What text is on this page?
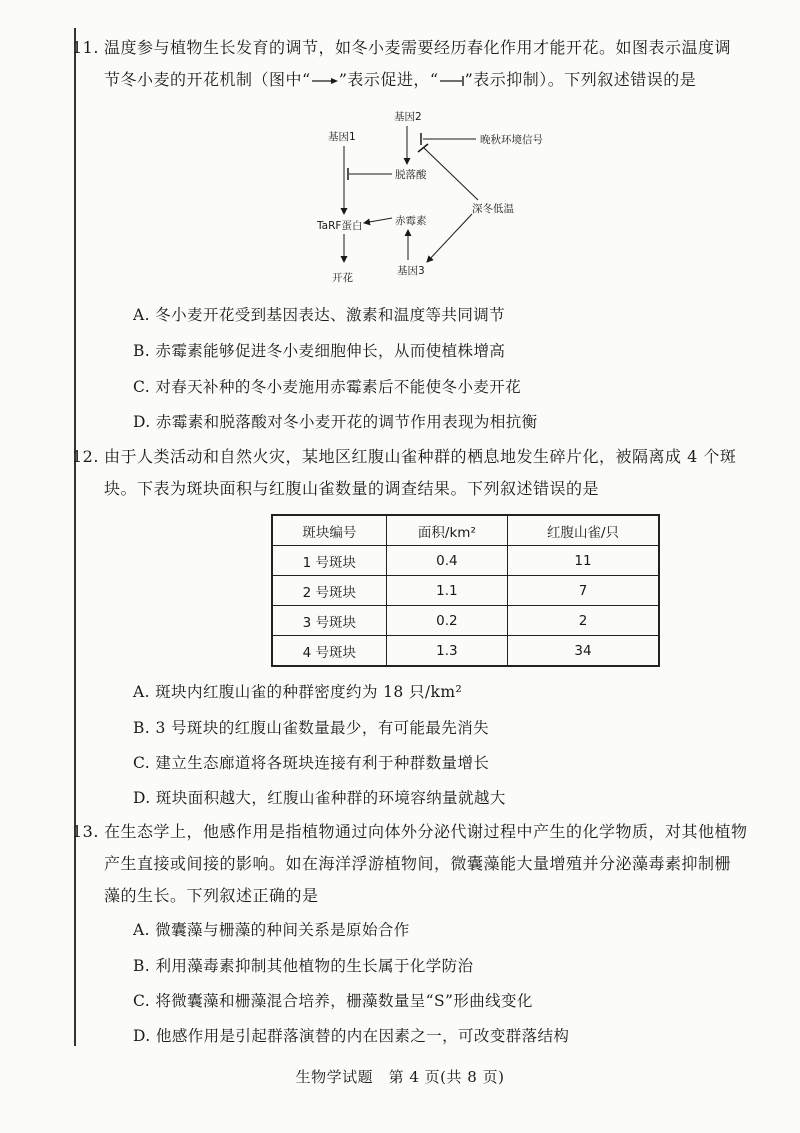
11. 温度参与植物生长发育的调节，如冬小麦需要经历春化作用才能开花。如图表示温度调
节冬小麦的开花机制（图中“ ”表示促进，“ ”表示抑制）。下列叙述错误的是
基因2
基因1	晚秋环境信号
脱落酸
深冬低温
赤霉素
TaRF蛋白
基因3
开花
A. 冬小麦开花受到基因表达、激素和温度等共同调节
B. 赤霉素能够促进冬小麦细胞伸长，从而使植株增高
C. 对春天补种的冬小麦施用赤霉素后不能使冬小麦开花
D. 赤霉素和脱落酸对冬小麦开花的调节作用表现为相抗衡
12. 由于人类活动和自然火灾，某地区红腹山雀种群的栖息地发生碎片化，被隔离成 4 个斑
块。下表为斑块面积与红腹山雀数量的调查结果。下列叙述错误的是
斑块编号	面积/km²	红腹山雀/只
1 号斑块	0.4	11
2 号斑块	1.1	7
3 号斑块	0.2	2
4 号斑块	1.3	34
A. 斑块内红腹山雀的种群密度约为 18 只/km²
B. 3 号斑块的红腹山雀数量最少，有可能最先消失
C. 建立生态廊道将各斑块连接有利于种群数量增长
D. 斑块面积越大，红腹山雀种群的环境容纳量就越大
13. 在生态学上，他感作用是指植物通过向体外分泌代谢过程中产生的化学物质，对其他植物
产生直接或间接的影响。如在海洋浮游植物间，微囊藻能大量增殖并分泌藻毒素抑制栅
藻的生长。下列叙述正确的是
A. 微囊藻与栅藻的种间关系是原始合作
B. 利用藻毒素抑制其他植物的生长属于化学防治
C. 将微囊藻和栅藻混合培养，栅藻数量呈“S”形曲线变化
D. 他感作用是引起群落演替的内在因素之一，可改变群落结构
生物学试题　第 4 页(共 8 页)
